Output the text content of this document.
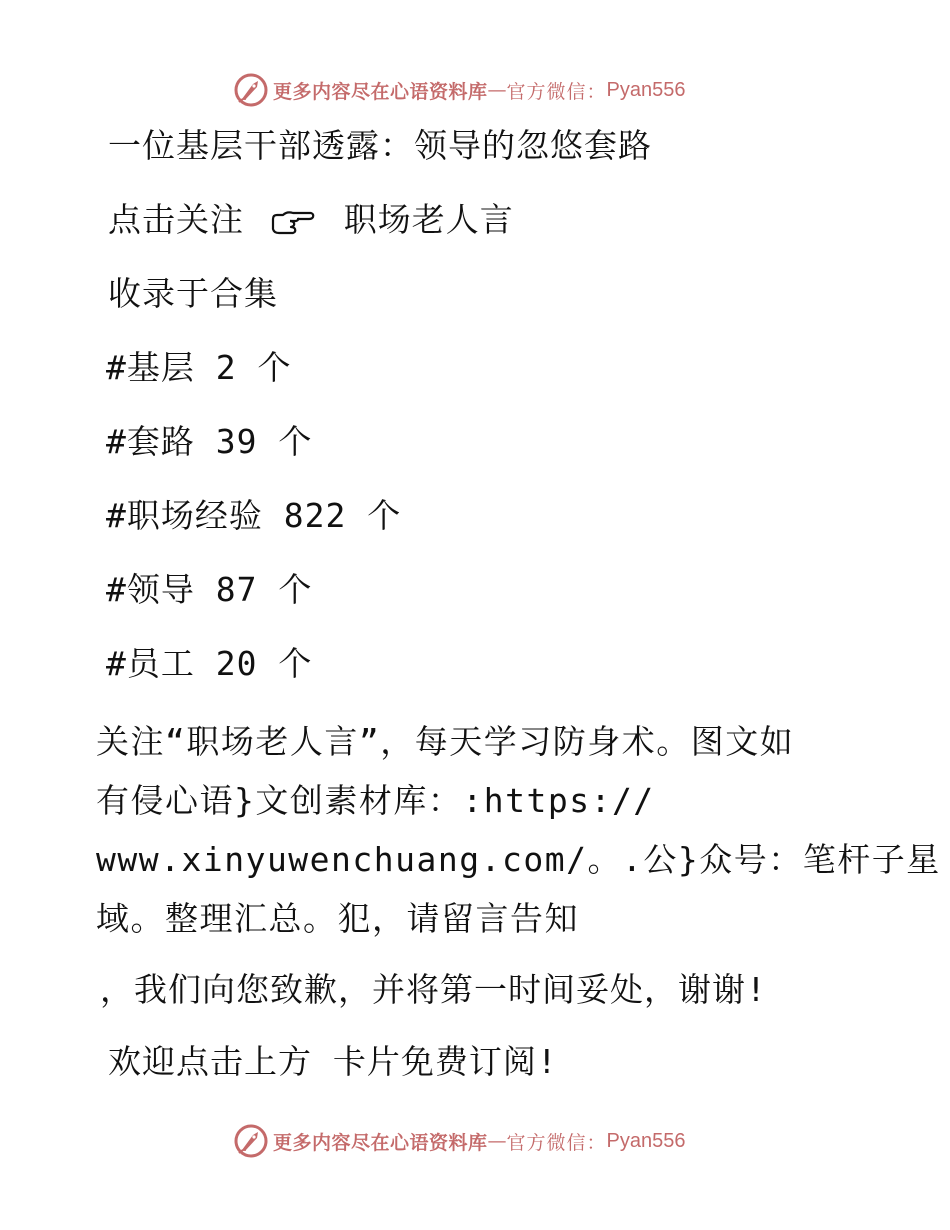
更多内容尽在心语资料库 — 官方微信： Pyan556
一位基层干部透露：领导的忽悠套路
点击关注	职场老人言
收录于合集
#基层 2 个
#套路 39 个
#职场经验 822 个
#领导 87 个
#员工 20 个
关注“职场老人言”，每天学习防身术。图文如
有侵心语}文创素材库：:https://
www.xinyuwenchuang.com/。.公}众号：笔杆子星
域。整理汇总。犯，请留言告知
，我们向您致歉，并将第一时间妥处，谢谢!
欢迎点击上方 卡片免费订阅!
更多内容尽在心语资料库 — 官方微信： Pyan556
